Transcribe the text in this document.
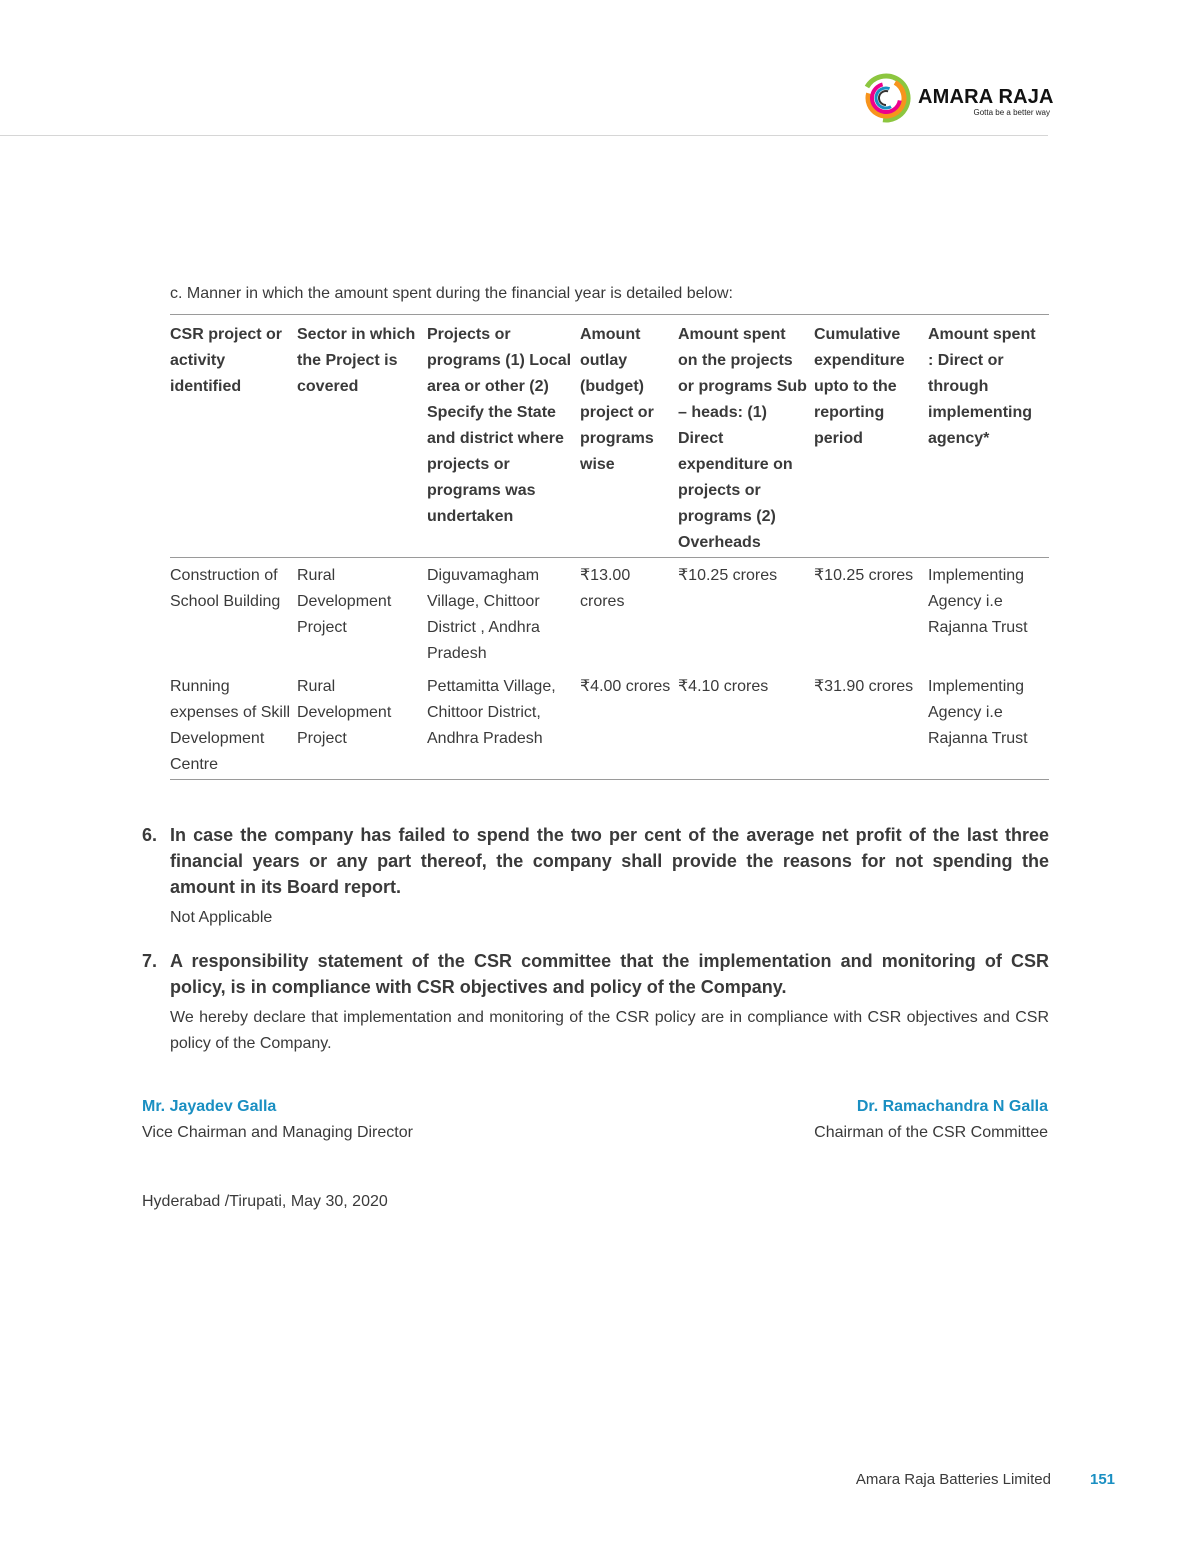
AMARA RAJA
Gotta be a better way
c. Manner in which the amount spent during the financial year is detailed below:
CSR project or activity identified	Sector in which the Project is covered	Projects or programs (1) Local area or other (2) Specify the State and district where projects or programs was undertaken	Amount outlay (budget) project or programs wise	Amount spent on the projects or programs Sub – heads: (1) Direct expenditure on projects or programs (2) Overheads	Cumulative expenditure upto to the reporting period	Amount spent : Direct or through implementing agency*
Construction of School Building	Rural Development Project	Diguvamagham Village, Chittoor District , Andhra Pradesh	₹13.00 crores	₹10.25 crores	₹10.25 crores	Implementing Agency i.e Rajanna Trust
Running expenses of Skill Development Centre	Rural Development Project	Pettamitta Village, Chittoor District, Andhra Pradesh	₹4.00 crores	₹4.10 crores	₹31.90 crores	Implementing Agency i.e Rajanna Trust
6. In case the company has failed to spend the two per cent of the average net profit of the last three financial years or any part thereof, the company shall provide the reasons for not spending the amount in its Board report.
Not Applicable
7. A responsibility statement of the CSR committee that the implementation and monitoring of CSR policy, is in compliance with CSR objectives and policy of the Company.
We hereby declare that implementation and monitoring of the CSR policy are in compliance with CSR objectives and CSR policy of the Company.
Mr. Jayadev Galla
Vice Chairman and Managing Director
Dr. Ramachandra N Galla
Chairman of the CSR Committee
Hyderabad /Tirupati, May 30, 2020
Amara Raja Batteries Limited	151
